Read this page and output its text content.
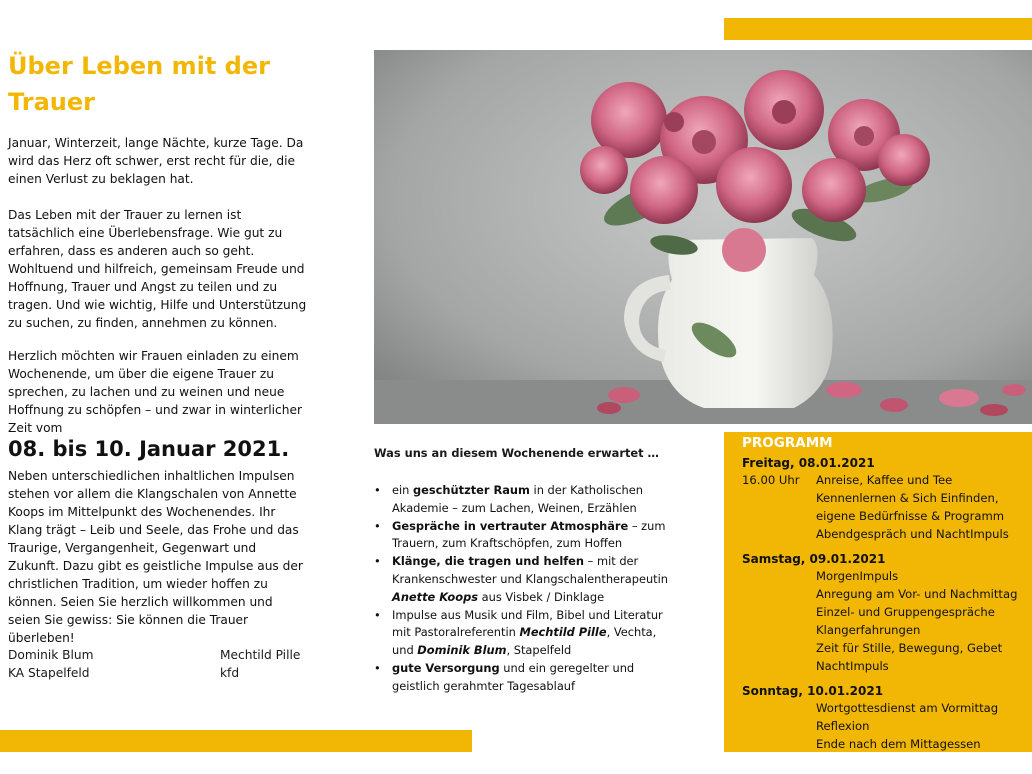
Über Leben mit der Trauer
Januar, Winterzeit, lange Nächte, kurze Tage. Da wird das Herz oft schwer, erst recht für die, die einen Verlust zu beklagen hat.
Das Leben mit der Trauer zu lernen ist tatsächlich eine Überlebensfrage. Wie gut zu erfahren, dass es anderen auch so geht. Wohltuend und hilfreich, gemeinsam Freude und Hoffnung, Trauer und Angst zu teilen und zu tragen. Und wie wichtig, Hilfe und Unterstützung zu suchen, zu finden, annehmen zu können.
Herzlich möchten wir Frauen einladen zu einem Wochenende, um über die eigene Trauer zu sprechen, zu lachen und zu weinen und neue Hoffnung zu schöpfen – und zwar in winterlicher Zeit vom
08. bis 10. Januar 2021.
Neben unterschiedlichen inhaltlichen Impulsen stehen vor allem die Klangschalen von Annette Koops im Mittelpunkt des Wochenendes. Ihr Klang trägt – Leib und Seele, das Frohe und das Traurige, Vergangenheit, Gegenwart und Zukunft. Dazu gibt es geistliche Impulse aus der christlichen Tradition, um wieder hoffen zu können. Seien Sie herzlich willkommen und seien Sie gewiss: Sie können die Trauer überleben!
Dominik Blum
KA Stapelfeld
Mechtild Pille
kfd
Was uns an diesem Wochenende erwartet …
• ein geschützter Raum in der Katholischen Akademie – zum Lachen, Weinen, Erzählen
• Gespräche in vertrauter Atmosphäre – zum Trauern, zum Kraftschöpfen, zum Hoffen
• Klänge, die tragen und helfen – mit der Krankenschwester und Klangschalentherapeutin Anette Koops aus Visbek / Dinklage
• Impulse aus Musik und Film, Bibel und Literatur mit Pastoralreferentin Mechtild Pille, Vechta, und Dominik Blum, Stapelfeld
• gute Versorgung und ein geregelter und geistlich gerahmter Tagesablauf
PROGRAMM
Freitag, 08.01.2021
16.00 Uhr Anreise, Kaffee und Tee
Kennenlernen & Sich Einfinden, eigene Bedürfnisse & Programm
Abendgespräch und NachtImpuls
Samstag, 09.01.2021
MorgenImpuls
Anregung am Vor- und Nachmittag
Einzel- und Gruppengespräche
Klangerfahrungen
Zeit für Stille, Bewegung, Gebet
NachtImpuls
Sonntag, 10.01.2021
Wortgottesdienst am Vormittag
Reflexion
Ende nach dem Mittagessen
